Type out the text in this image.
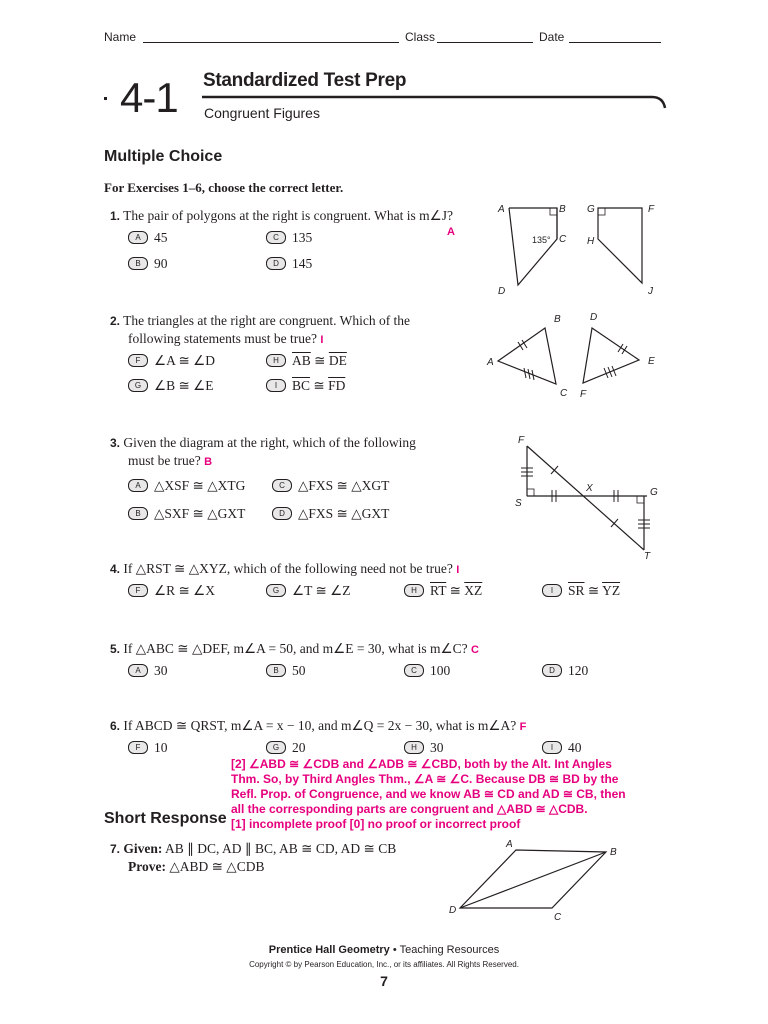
Name	Class	Date
4-1 Standardized Test Prep
Congruent Figures
Multiple Choice
For Exercises 1–6, choose the correct letter.
1. The pair of polygons at the right is congruent. What is m∠J?
A
A 45	C 135
B 90	D 145
A	B
C
D
135°
G	F
H
J
2. The triangles at the right are congruent. Which of the
following statements must be true? I
F ∠A ≅ ∠D	H $\overline{AB}$ ≅ $\overline{DE}$
G ∠B ≅ ∠E	I $\overline{BC}$ ≅ $\overline{FD}$
A
B
C
D
E
F
3. Given the diagram at the right, which of the following
must be true? B
A △XSF ≅ △XTG	C △FXS ≅ △XGT
B △SXF ≅ △GXT	D △FXS ≅ △GXT
F
S
X	G
T
4. If △RST ≅ △XYZ, which of the following need not be true? I
F ∠R ≅ ∠X	G ∠T ≅ ∠Z	H $\overline{RT}$ ≅ $\overline{XZ}$	I $\overline{SR}$ ≅ $\overline{YZ}$
5. If △ABC ≅ △DEF, m∠A = 50, and m∠E = 30, what is m∠C? C
A 30	B 50	C 100	D 120
6. If ABCD ≅ QRST, m∠A = x − 10, and m∠Q = 2x − 30, what is m∠A? F
F 10	G 20	H 30	I 40
[2] ∠ABD ≅ ∠CDB and ∠ADB ≅ ∠CBD, both by the Alt. Int Angles
Thm. So, by Third Angles Thm., ∠A ≅ ∠C. Because DB ≅ BD by the
Refl. Prop. of Congruence, and we know AB ≅ CD and AD ≅ CB, then
all the corresponding parts are congruent and △ABD ≅ △CDB.
[1] incomplete proof [0] no proof or incorrect proof
Short Response
7. Given: AB ∥ DC, AD ∥ BC, AB ≅ CD, AD ≅ CB
Prove: △ABD ≅ △CDB
A
B
C
D
Prentice Hall Geometry • Teaching Resources
Copyright © by Pearson Education, Inc., or its affiliates. All Rights Reserved.
7
